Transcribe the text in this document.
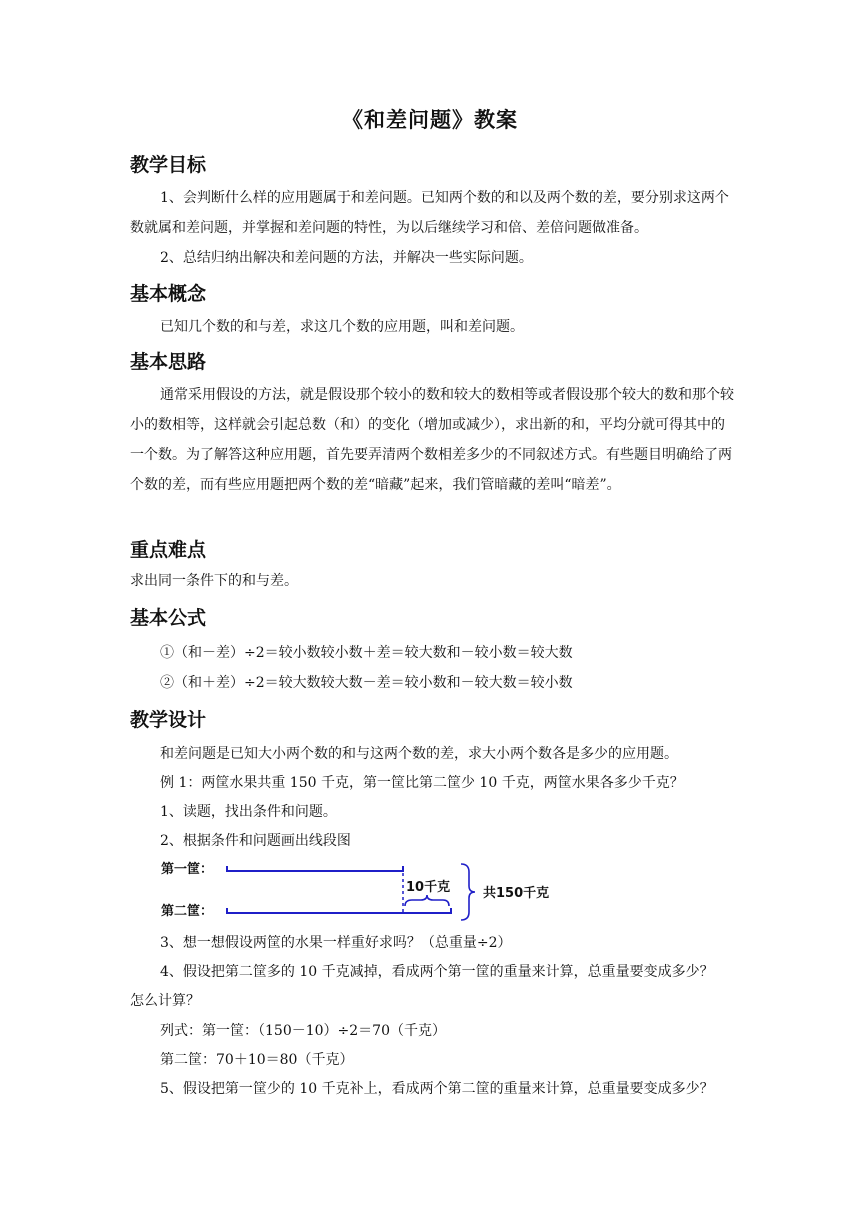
《和差问题》教案
教学目标
1、会判断什么样的应用题属于和差问题。已知两个数的和以及两个数的差，要分别求这两个数就属和差问题，并掌握和差问题的特性，为以后继续学习和倍、差倍问题做准备。
2、总结归纳出解决和差问题的方法，并解决一些实际问题。
基本概念
已知几个数的和与差，求这几个数的应用题，叫和差问题。
基本思路
通常采用假设的方法，就是假设那个较小的数和较大的数相等或者假设那个较大的数和那个较小的数相等，这样就会引起总数（和）的变化（增加或减少），求出新的和，平均分就可得其中的一个数。为了解答这种应用题，首先要弄清两个数相差多少的不同叙述方式。有些题目明确给了两个数的差，而有些应用题把两个数的差“暗藏”起来，我们管暗藏的差叫“暗差”。
重点难点
求出同一条件下的和与差。
基本公式
①（和－差）÷2＝较小数较小数＋差＝较大数和－较小数＝较大数
②（和＋差）÷2＝较大数较大数－差＝较小数和－较大数＝较小数
教学设计
和差问题是已知大小两个数的和与这两个数的差，求大小两个数各是多少的应用题。
例 1：两筐水果共重 150 千克，第一筐比第二筐少 10 千克，两筐水果各多少千克？
1、读题，找出条件和问题。
2、根据条件和问题画出线段图
第一筐：
第二筐：
10千克	共150千克
3、想一想假设两筐的水果一样重好求吗？（总重量÷2）
4、假设把第二筐多的 10 千克减掉，看成两个第一筐的重量来计算，总重量要变成多少？
怎么计算？
列式：第一筐：（150－10）÷2＝70（千克）
第二筐：70＋10＝80（千克）
5、假设把第一筐少的 10 千克补上，看成两个第二筐的重量来计算，总重量要变成多少？
